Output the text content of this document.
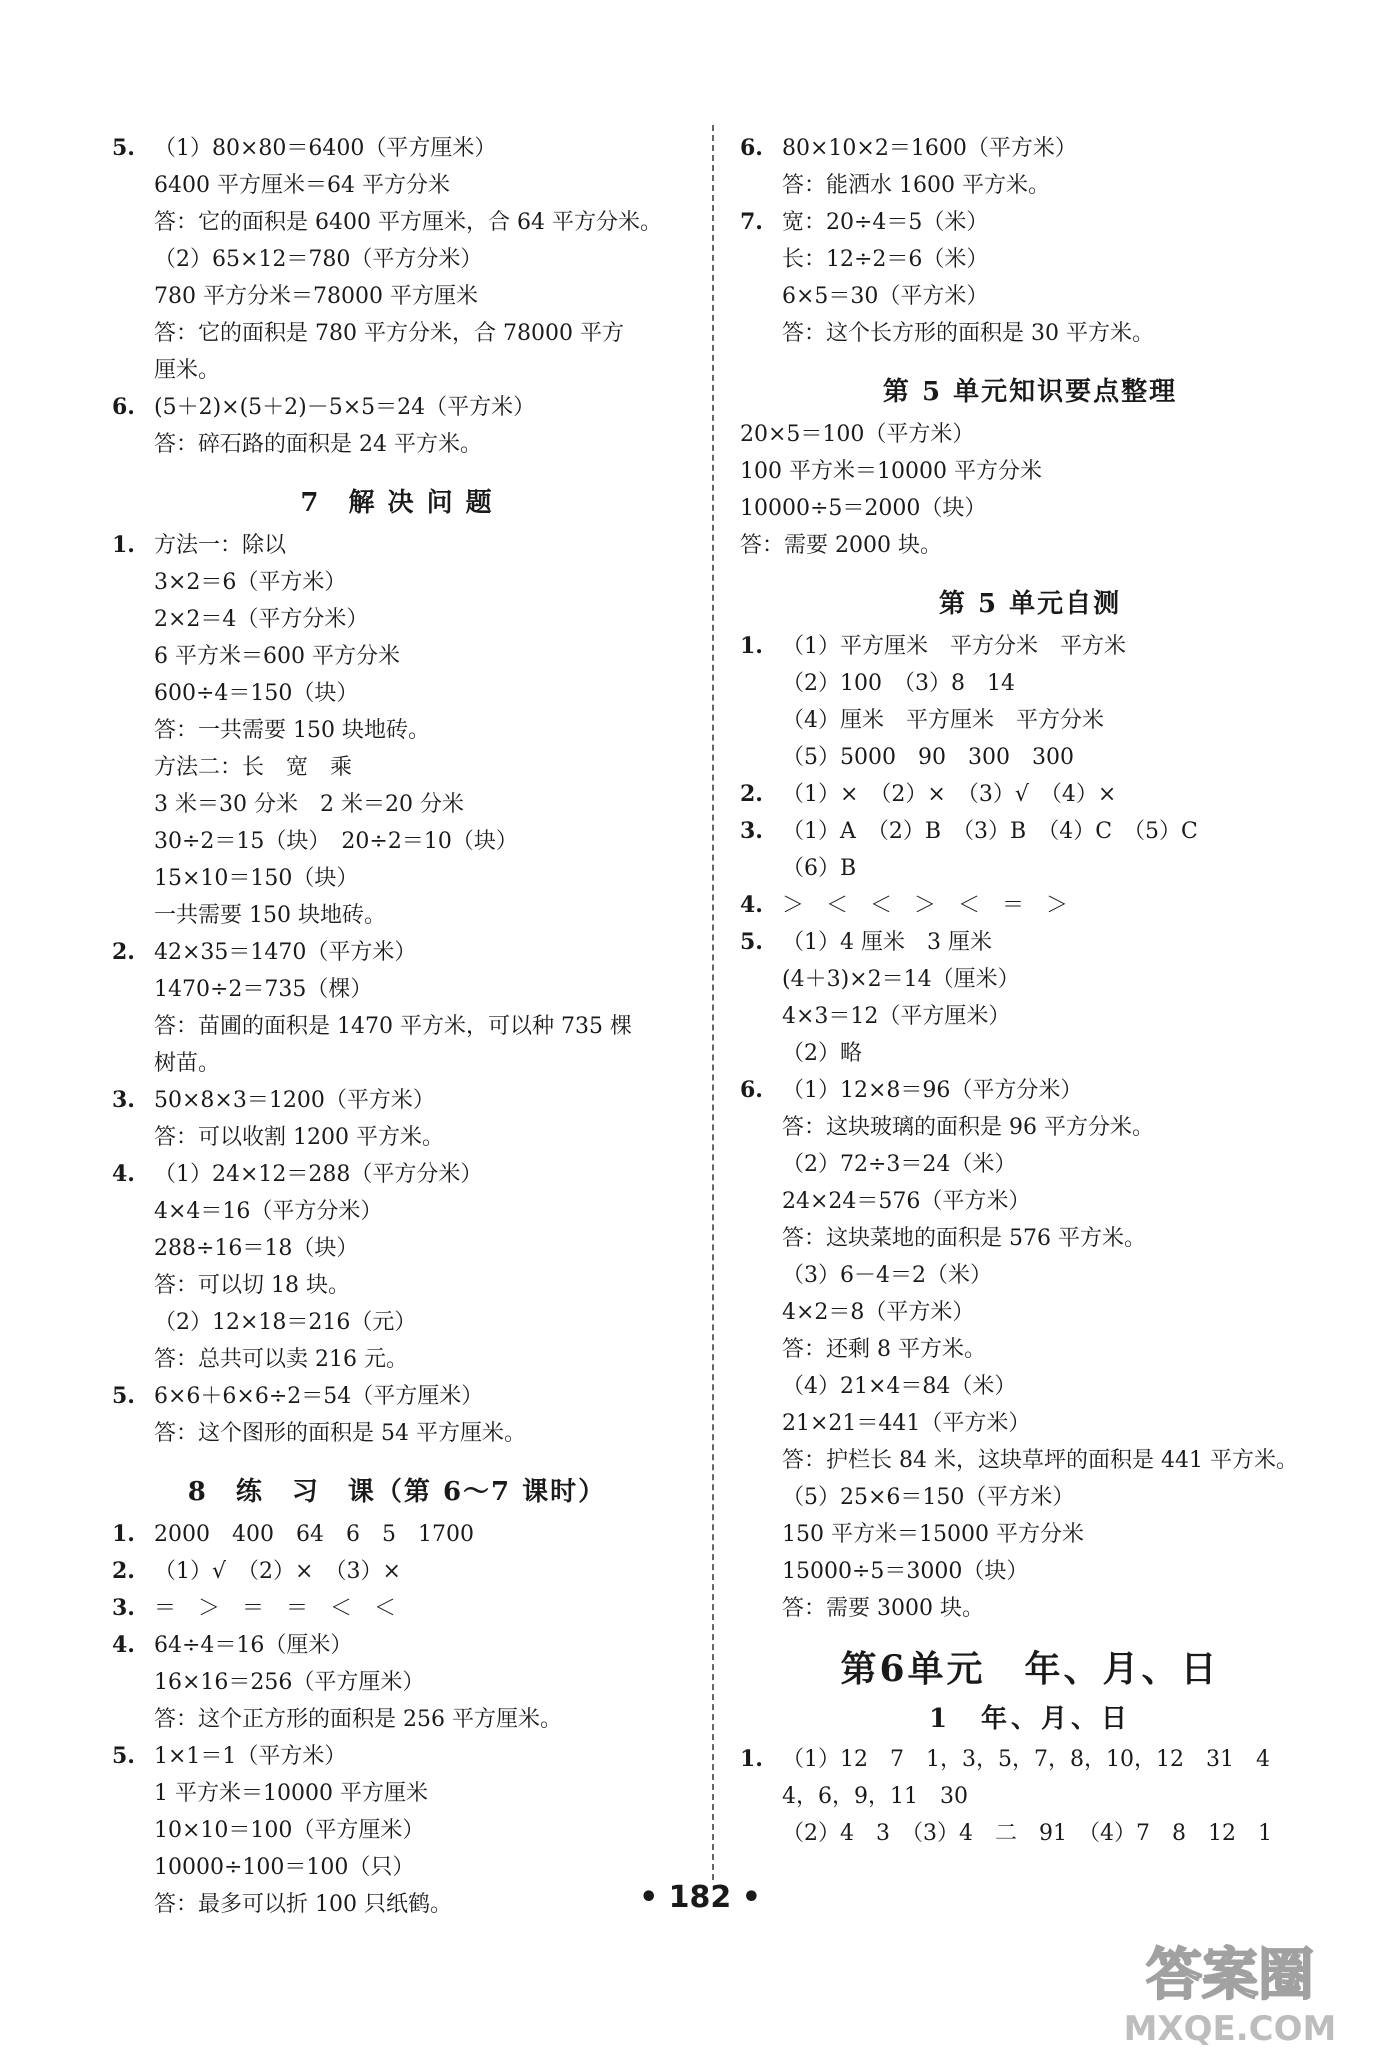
5. （1）80×80＝6400（平方厘米）
6400 平方厘米＝64 平方分米
答：它的面积是 6400 平方厘米，合 64 平方分米。
（2）65×12＝780（平方分米）
780 平方分米＝78000 平方厘米
答：它的面积是 780 平方分米，合 78000 平方
厘米。
6. (5＋2)×(5＋2)－5×5＝24（平方米）
答：碎石路的面积是 24 平方米。
7　解 决 问 题
1. 方法一：除以
3×2＝6（平方米）
2×2＝4（平方分米）
6 平方米＝600 平方分米
600÷4＝150（块）
答：一共需要 150 块地砖。
方法二：长　宽　乘
3 米＝30 分米　2 米＝20 分米
30÷2＝15（块）　20÷2＝10（块）
15×10＝150（块）
一共需要 150 块地砖。
2. 42×35＝1470（平方米）
1470÷2＝735（棵）
答：苗圃的面积是 1470 平方米，可以种 735 棵
树苗。
3. 50×8×3＝1200（平方米）
答：可以收割 1200 平方米。
4. （1）24×12＝288（平方分米）
4×4＝16（平方分米）
288÷16＝18（块）
答：可以切 18 块。
（2）12×18＝216（元）
答：总共可以卖 216 元。
5. 6×6＋6×6÷2＝54（平方厘米）
答：这个图形的面积是 54 平方厘米。
8　练　习　课（第 6～7 课时）
1. 2000　400　64　6　5　1700
2. （1）√　（2）×　（3）×
3. ＝　＞　＝　＝　＜　＜
4. 64÷4＝16（厘米）
16×16＝256（平方厘米）
答：这个正方形的面积是 256 平方厘米。
5. 1×1＝1（平方米）
1 平方米＝10000 平方厘米
10×10＝100（平方厘米）
10000÷100＝100（只）
答：最多可以折 100 只纸鹤。
6. 80×10×2＝1600（平方米）
答：能洒水 1600 平方米。
7. 宽：20÷4＝5（米）
长：12÷2＝6（米）
6×5＝30（平方米）
答：这个长方形的面积是 30 平方米。
第 5 单元知识要点整理
20×5＝100（平方米）
100 平方米＝10000 平方分米
10000÷5＝2000（块）
答：需要 2000 块。
第 5 单元自测
1. （1）平方厘米　平方分米　平方米
（2）100　（3）8　14
（4）厘米　平方厘米　平方分米
（5）5000　90　300　300
2. （1）×　（2）×　（3）√　（4）×
3. （1）A　（2）B　（3）B　（4）C　（5）C
（6）B
4. ＞　＜　＜　＞　＜　＝　＞
5. （1）4 厘米　3 厘米
(4＋3)×2＝14（厘米）
4×3＝12（平方厘米）
（2）略
6. （1）12×8＝96（平方分米）
答：这块玻璃的面积是 96 平方分米。
（2）72÷3＝24（米）
24×24＝576（平方米）
答：这块菜地的面积是 576 平方米。
（3）6－4＝2（米）
4×2＝8（平方米）
答：还剩 8 平方米。
（4）21×4＝84（米）
21×21＝441（平方米）
答：护栏长 84 米，这块草坪的面积是 441 平方米。
（5）25×6＝150（平方米）
150 平方米＝15000 平方分米
15000÷5＝3000（块）
答：需要 3000 块。
第6单元　年、月、日
1　年、月、日
1. （1）12　7　1，3，5，7，8，10，12　31　4
4，6，9，11　30
（2）4　3　（3）4　二　91　（4）7　8　12　1
• 182 •
答案圈
MXQE.COM
